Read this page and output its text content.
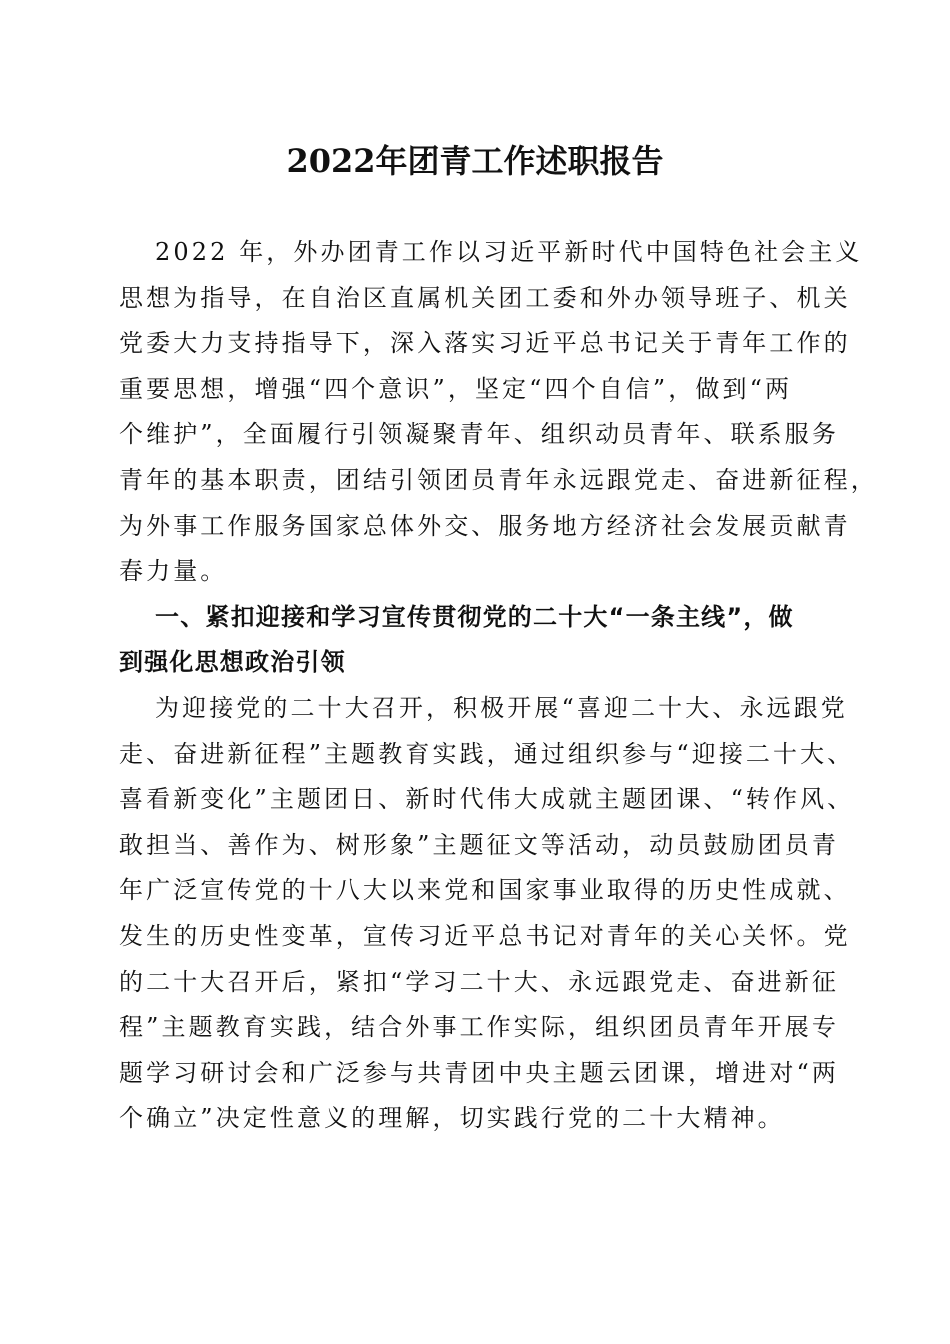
2022年团青工作述职报告
2022 年，外办团青工作以习近平新时代中国特色社会主义
思想为指导，在自治区直属机关团工委和外办领导班子、机关
党委大力支持指导下，深入落实习近平总书记关于青年工作的
重要思想，增强“四个意识”，坚定“四个自信”，做到“两
个维护”，全面履行引领凝聚青年、组织动员青年、联系服务
青年的基本职责，团结引领团员青年永远跟党走、奋进新征程，
为外事工作服务国家总体外交、服务地方经济社会发展贡献青
春力量。
一、紧扣迎接和学习宣传贯彻党的二十大“一条主线”，做
到强化思想政治引领
为迎接党的二十大召开，积极开展“喜迎二十大、永远跟党
走、奋进新征程”主题教育实践，通过组织参与“迎接二十大、
喜看新变化”主题团日、新时代伟大成就主题团课、“转作风、
敢担当、善作为、树形象”主题征文等活动，动员鼓励团员青
年广泛宣传党的十八大以来党和国家事业取得的历史性成就、
发生的历史性变革，宣传习近平总书记对青年的关心关怀。党
的二十大召开后，紧扣“学习二十大、永远跟党走、奋进新征
程”主题教育实践，结合外事工作实际，组织团员青年开展专
题学习研讨会和广泛参与共青团中央主题云团课，增进对“两
个确立”决定性意义的理解，切实践行党的二十大精神。
